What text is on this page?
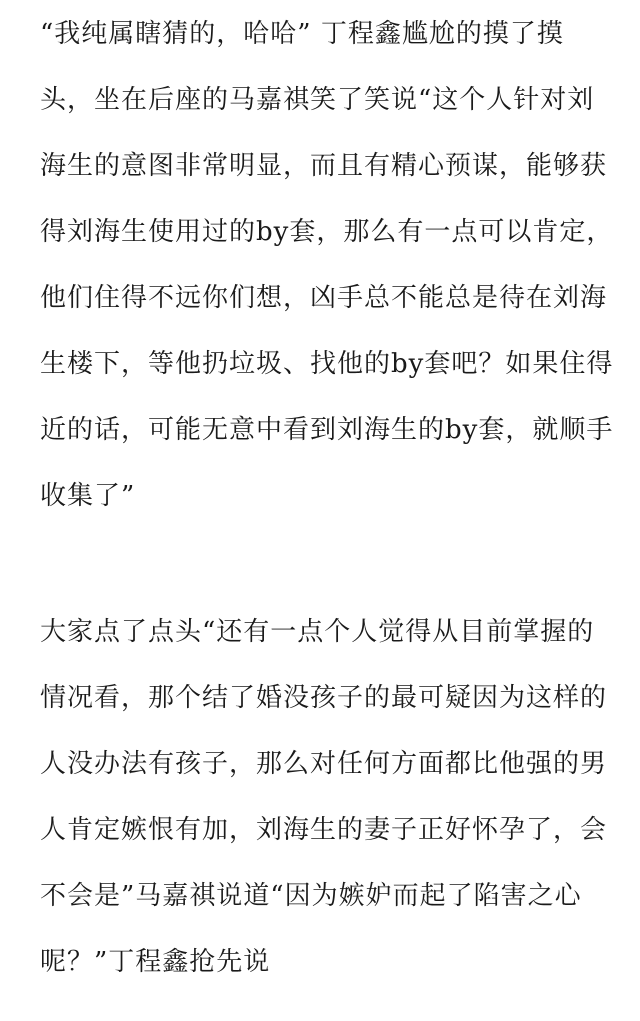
“我纯属瞎猜的，哈哈” 丁程鑫尴尬的摸了摸
头，坐在后座的马嘉祺笑了笑说“这个人针对刘
海生的意图非常明显，而且有精心预谋，能够获
得刘海生使用过的by套，那么有一点可以肯定，
他们住得不远你们想，凶手总不能总是待在刘海
生楼下，等他扔垃圾、找他的by套吧？如果住得
近的话，可能无意中看到刘海生的by套，就顺手
收集了”
大家点了点头“还有一点个人觉得从目前掌握的
情况看，那个结了婚没孩子的最可疑因为这样的
人没办法有孩子，那么对任何方面都比他强的男
人肯定嫉恨有加，刘海生的妻子正好怀孕了，会
不会是”马嘉祺说道“因为嫉妒而起了陷害之心
呢？”丁程鑫抢先说
